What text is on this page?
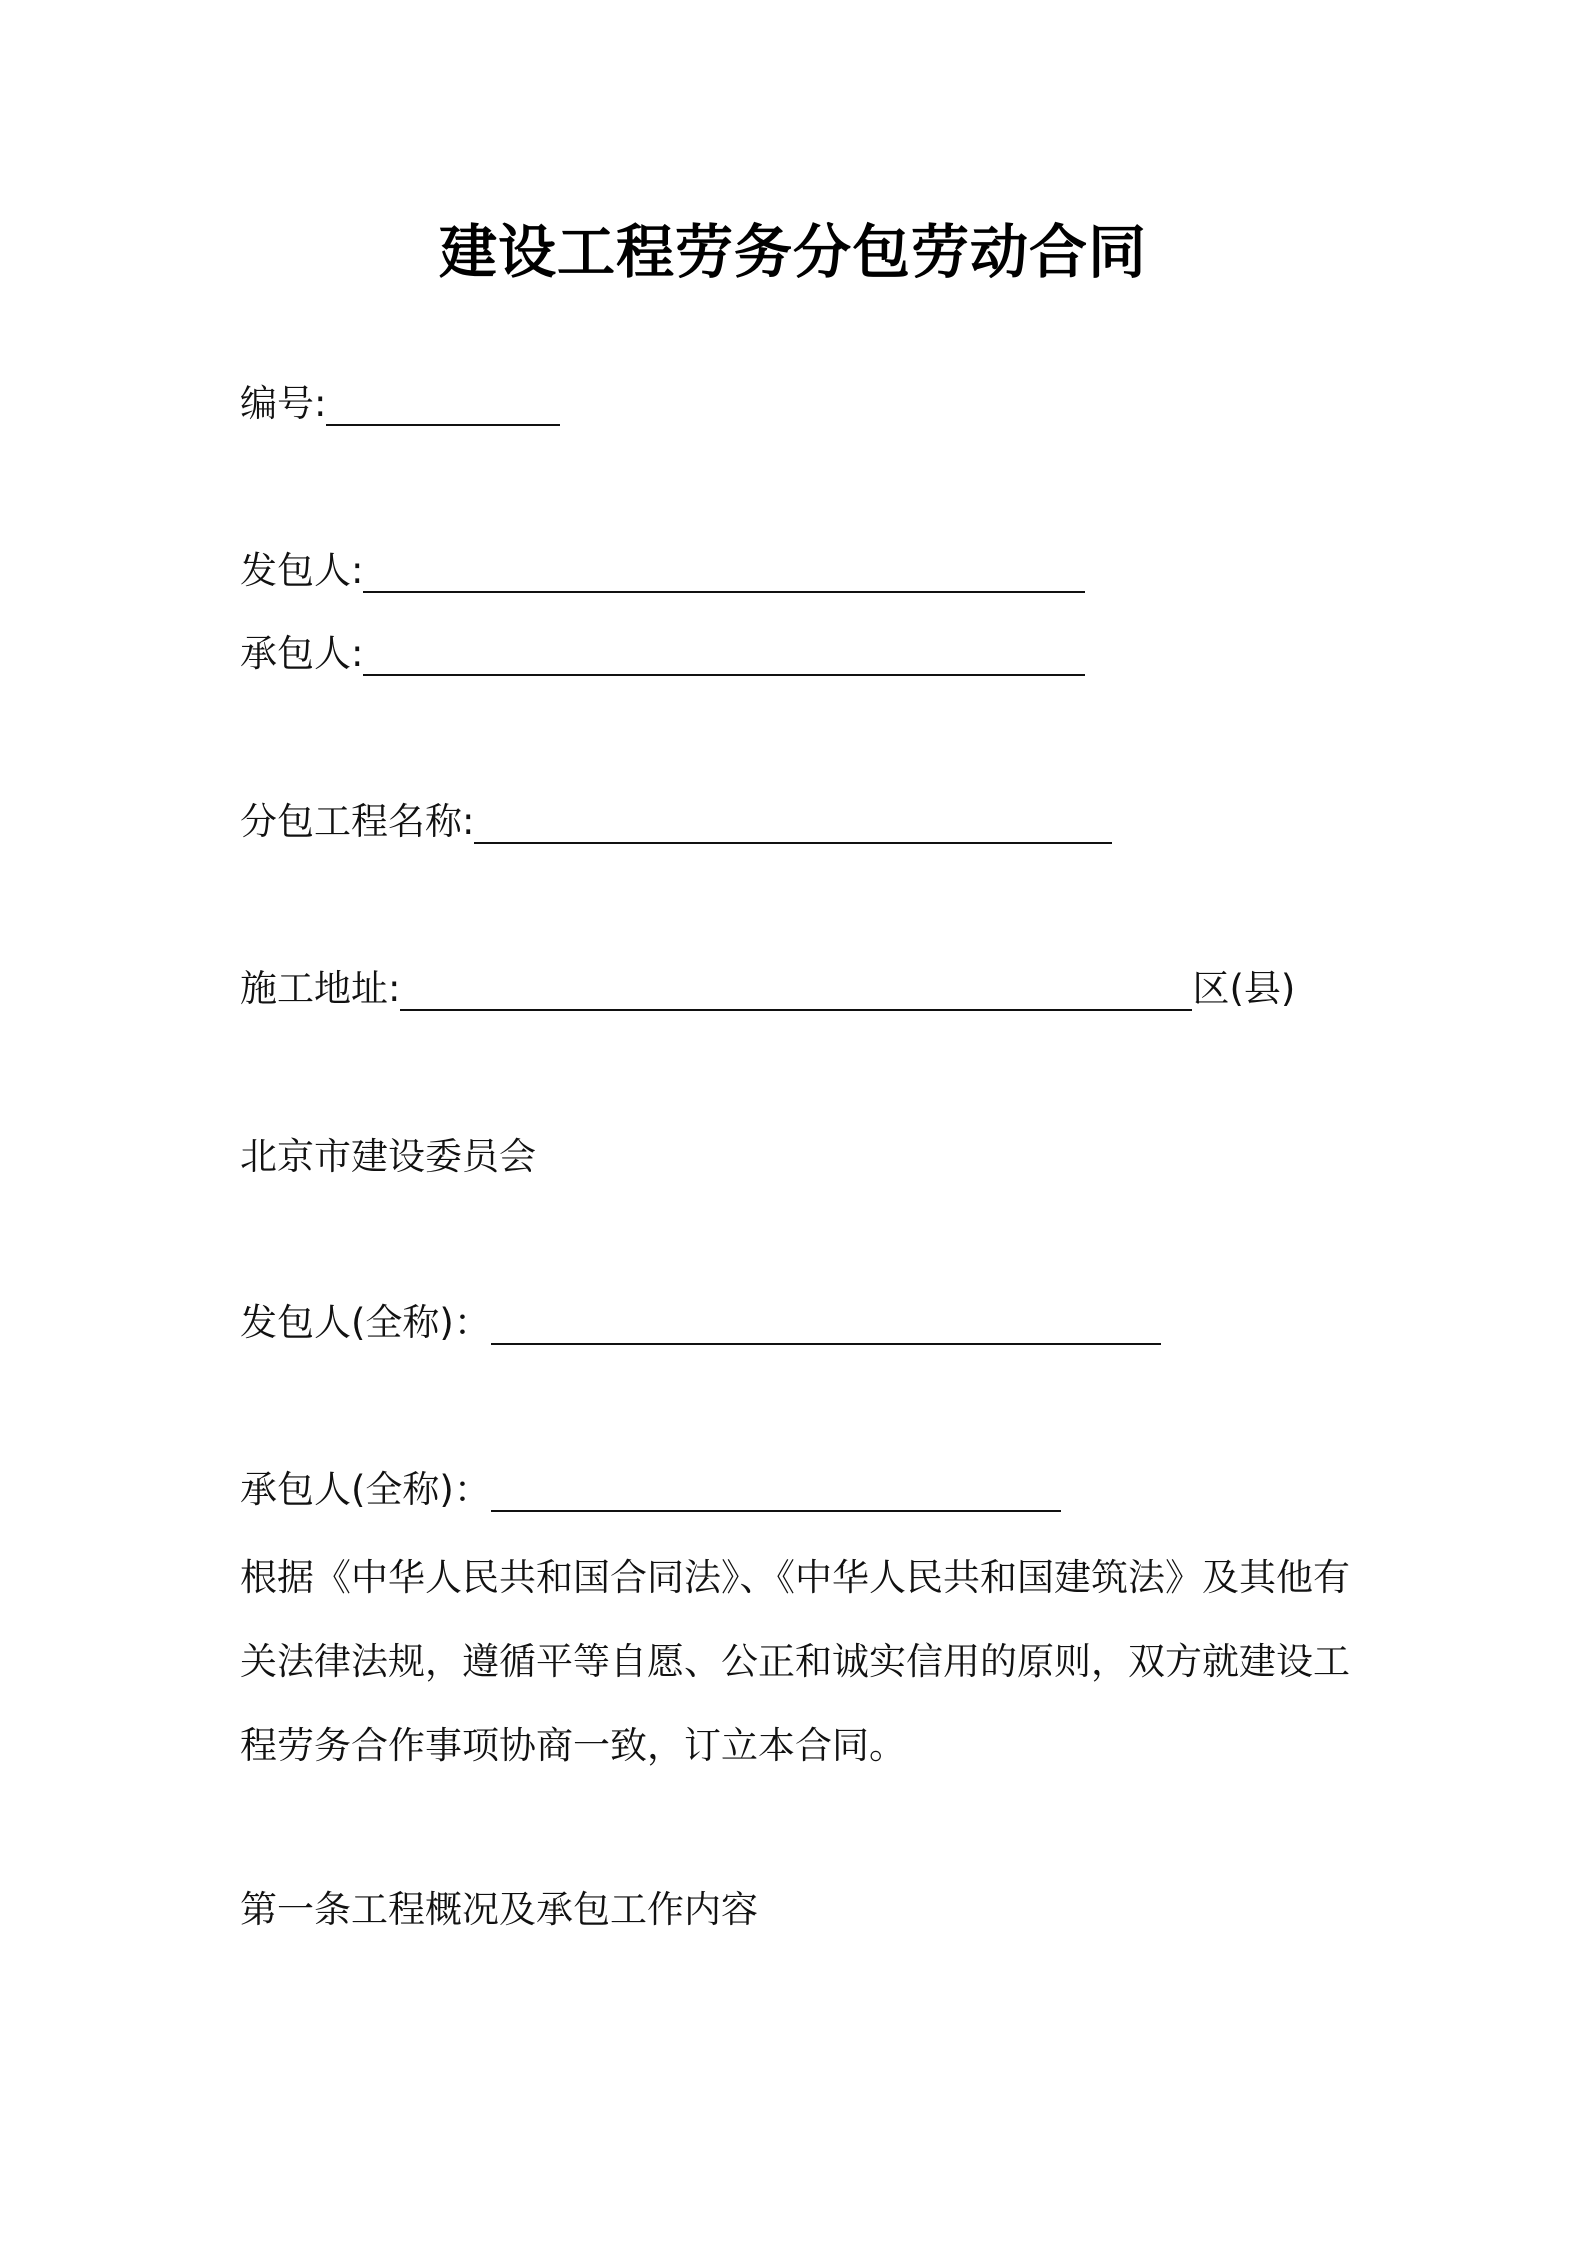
建设工程劳务分包劳动合同
编号:
发包人:
承包人:
分包工程名称:
施工地址:	区(县)
北京市建设委员会
发包人(全称)：
承包人(全称)：
根据《中华人民共和国合同法》、《中华人民共和国建筑法》及其他有
关法律法规，遵循平等自愿、公正和诚实信用的原则，双方就建设工
程劳务合作事项协商一致，订立本合同。
第一条工程概况及承包工作内容
